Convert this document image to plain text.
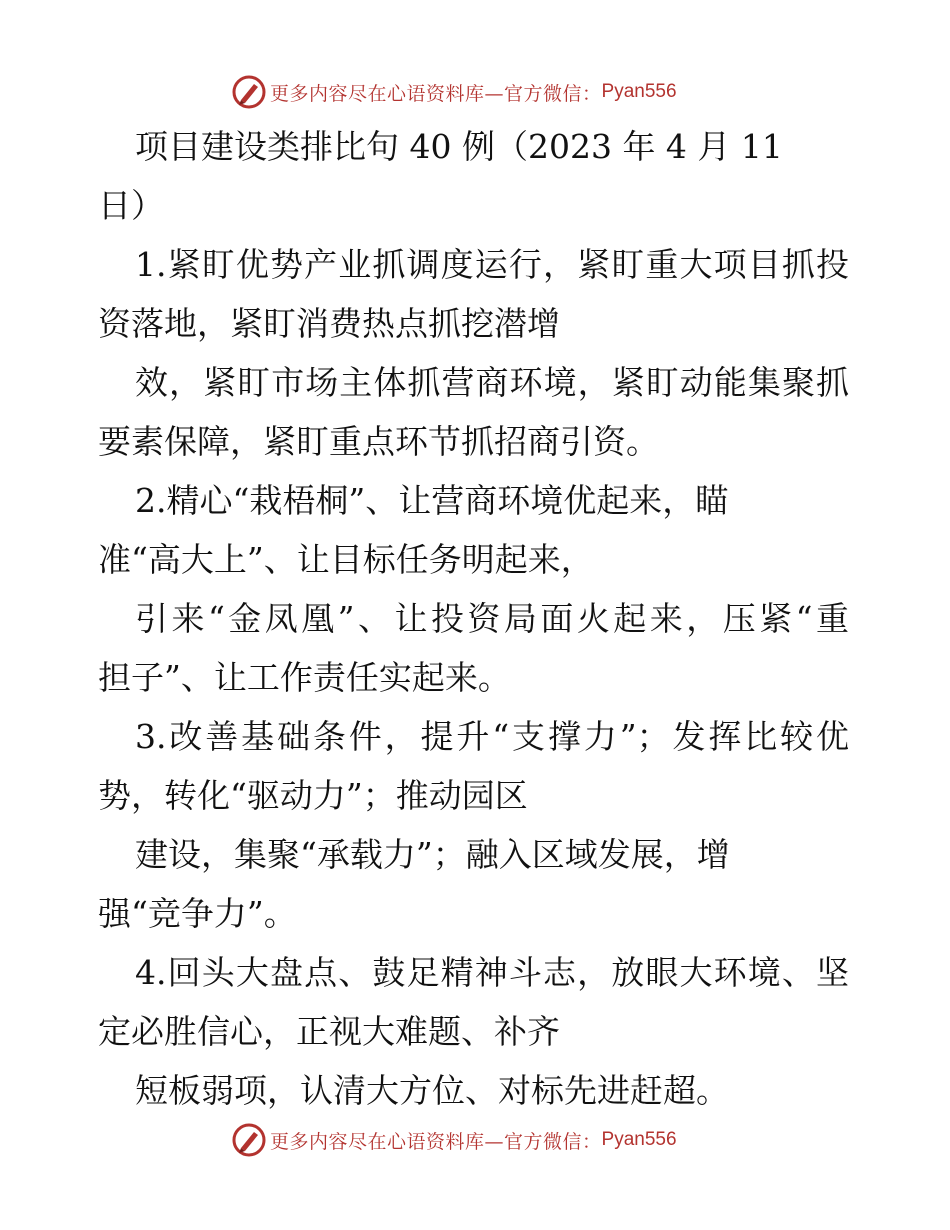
更多内容尽在心语资料库—官方微信： Pyan556
项目建设类排比句 40 例（2023 年 4 月 11
日）
1.紧盯优势产业抓调度运行，紧盯重大项目抓投
资落地，紧盯消费热点抓挖潜增
效，紧盯市场主体抓营商环境，紧盯动能集聚抓
要素保障，紧盯重点环节抓招商引资。
2.精心“栽梧桐”、让营商环境优起来，瞄
准“高大上”、让目标任务明起来，
引来“金凤凰”、让投资局面火起来，压紧“重
担子”、让工作责任实起来。
3.改善基础条件，提升“支撑力”；发挥比较优
势，转化“驱动力”；推动园区
建设，集聚“承载力”；融入区域发展，增
强“竞争力”。
4.回头大盘点、鼓足精神斗志，放眼大环境、坚
定必胜信心，正视大难题、补齐
短板弱项，认清大方位、对标先进赶超。
更多内容尽在心语资料库—官方微信： Pyan556
